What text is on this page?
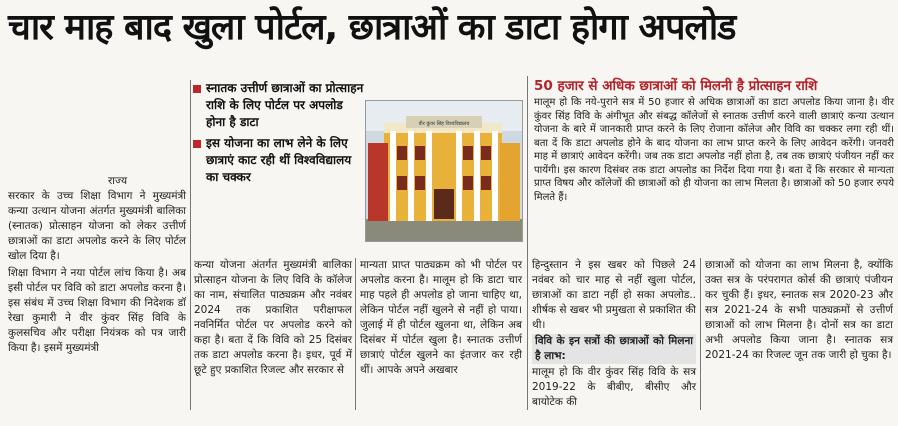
चार माह बाद खुला पोर्टल, छात्राओं का डाटा होगा अपलोड
स्नातक उत्तीर्ण छात्राओं का प्रोत्साहन राशि के लिए पोर्टल पर अपलोड होना है डाटा
इस योजना का लाभ लेने के लिए छात्राएं काट रही थीं विश्वविद्यालय का चक्कर
वीर कुंवर सिंह विश्वविद्यालय
50 हजार से अधिक छात्राओं को मिलनी है प्रोत्साहन राशि
राज्य

सरकार के उच्च शिक्षा विभाग ने मुख्यमंत्री कन्या उत्थान योजना अंतर्गत मुख्यमंत्री बालिका (स्नातक) प्रोत्साहन योजना को लेकर उत्तीर्ण छात्राओं का डाटा अपलोड करने के लिए पोर्टल खोल दिया है।

शिक्षा विभाग ने नया पोर्टल लांच किया है। अब इसी पोर्टल पर विवि को डाटा अपलोड करना है। इस संबंध में उच्च शिक्षा विभाग की निदेशक डॉ रेखा कुमारी ने वीर कुंवर सिंह विवि के कुलसचिव और परीक्षा नियंत्रक को पत्र जारी किया है। इसमें मुख्यमंत्री

कन्या योजना अंतर्गत मुख्यमंत्री बालिका प्रोत्साहन योजना के लिए विवि के कॉलेज का नाम, संचालित पाठ्यक्रम और नवंबर 2024 तक प्रकाशित परीक्षाफल नवनिर्मित पोर्टल पर अपलोड करने को कहा है। बता दें कि विवि को 25 दिसंबर तक डाटा अपलोड करना है। इधर, पूर्व में छूटे हुए प्रकाशित रिजल्ट और सरकार से

मान्यता प्राप्त पाठ्यक्रम को भी पोर्टल पर अपलोड करना है। मालूम हो कि डाटा चार माह पहले ही अपलोड हो जाना चाहिए था, लेकिन पोर्टल नहीं खुलने से नहीं हो पाया। जुलाई में ही पोर्टल खुलना था, लेकिन अब दिसंबर में पोर्टल खुला है। स्नातक उत्तीर्ण छात्राएं पोर्टल खुलने का इंतजार कर रही थीं। आपके अपने अखबार

मालूम हो कि नये-पुराने सत्र में 50 हजार से अधिक छात्राओं का डाटा अपलोड किया जाना है। वीर कुंवर सिंह विवि के अंगीभूत और संबद्ध कॉलेजों से स्नातक उत्तीर्ण करने वाली छात्राएं कन्या उत्थान योजना के बारे में जानकारी प्राप्त करने के लिए रोजाना कॉलेज और विवि का चक्कर लगा रही थीं। बता दें कि डाटा अपलोड होने के बाद योजना का लाभ प्राप्त करने के लिए आवेदन करेंगी। जनवरी माह में छात्राएं आवेदन करेंगी। जब तक डाटा अपलोड नहीं होता है, तब तक छात्राएं पंजीयन नहीं कर पायेंगी। इस कारण दिसंबर तक डाटा अपलोड का निर्देश दिया गया है। बता दें कि सरकार से मान्यता प्राप्त विषय और कॉलेजों की छात्राओं को ही योजना का लाभ मिलता है। छात्राओं को 50 हजार रुपये मिलते हैं।

हिन्दुस्तान ने इस खबर को पिछले 24 नवंबर को चार माह से नहीं खुला पोर्टल, छात्राओं का डाटा नहीं हो सका अपलोड.. शीर्षक से खबर भी प्रमुखता से प्रकाशित की थी।

विवि के इन सत्रों की छात्राओं को मिलना है लाभ:

मालूम हो कि वीर कुंवर सिंह विवि के सत्र 2019-22 के बीबीए, बीसीए और बायोटेक की

छात्राओं को योजना का लाभ मिलना है, क्योंकि उक्त सत्र के परंपरागत कोर्स की छात्राएं पंजीयन कर चुकी हैं। इधर, स्नातक सत्र 2020-23 और सत्र 2021-24 के सभी पाठ्यक्रमों से उत्तीर्ण छात्राओं को लाभ मिलना है। दोनों सत्र का डाटा अभी अपलोड किया जाना है। स्नातक सत्र 2021-24 का रिजल्ट जून तक जारी हो चुका है।
